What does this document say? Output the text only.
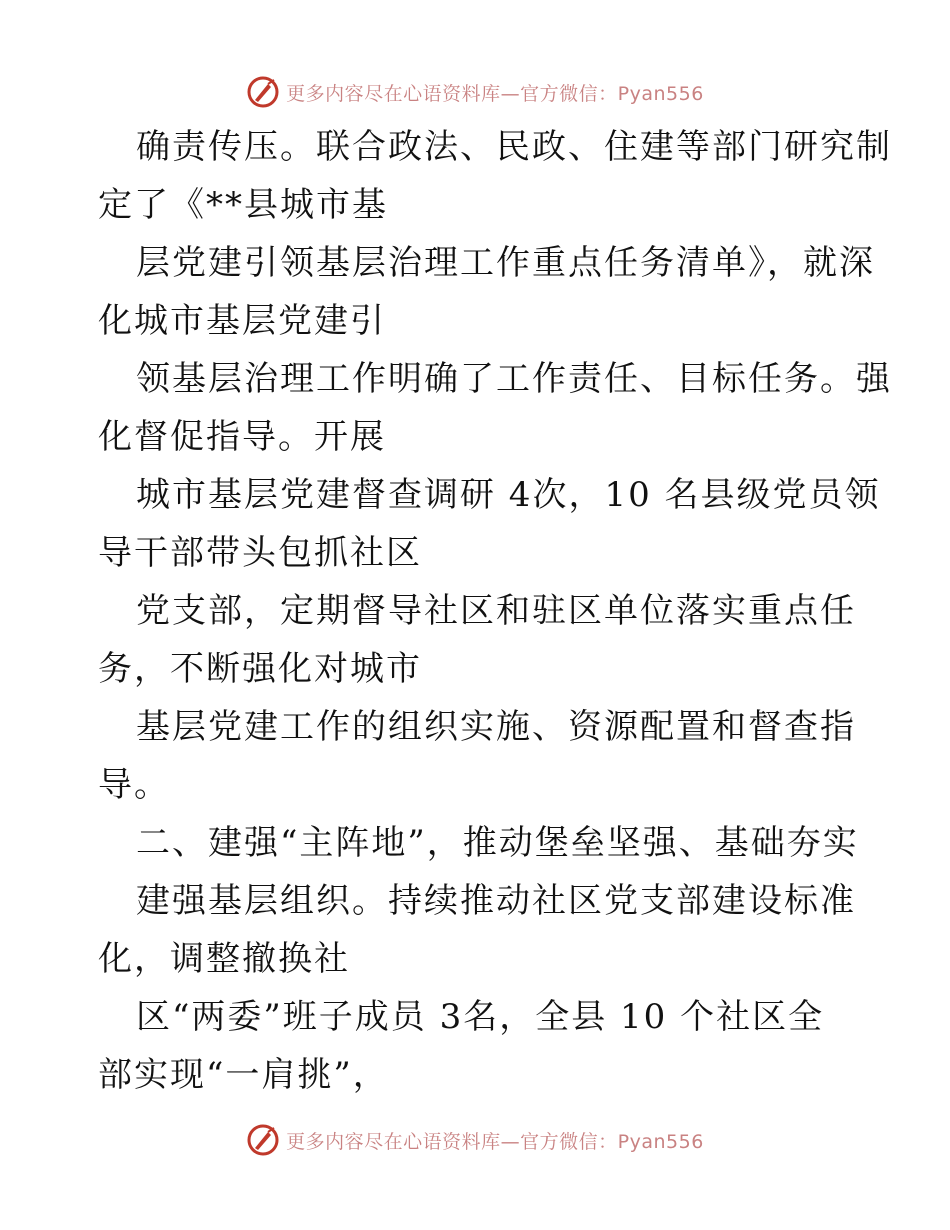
更多内容尽在心语资料库—官方微信：Pyan556
确责传压。联合政法、民政、住建等部门研究制
定了《**县城市基
层党建引领基层治理工作重点任务清单》，就深
化城市基层党建引
领基层治理工作明确了工作责任、目标任务。强
化督促指导。开展
城市基层党建督查调研 4次，10 名县级党员领
导干部带头包抓社区
党支部，定期督导社区和驻区单位落实重点任
务，不断强化对城市
基层党建工作的组织实施、资源配置和督查指
导。
二、建强“主阵地”，推动堡垒坚强、基础夯实
建强基层组织。持续推动社区党支部建设标准
化，调整撤换社
区“两委”班子成员 3名，全县 10 个社区全
部实现“一肩挑”，
更多内容尽在心语资料库—官方微信：Pyan556
